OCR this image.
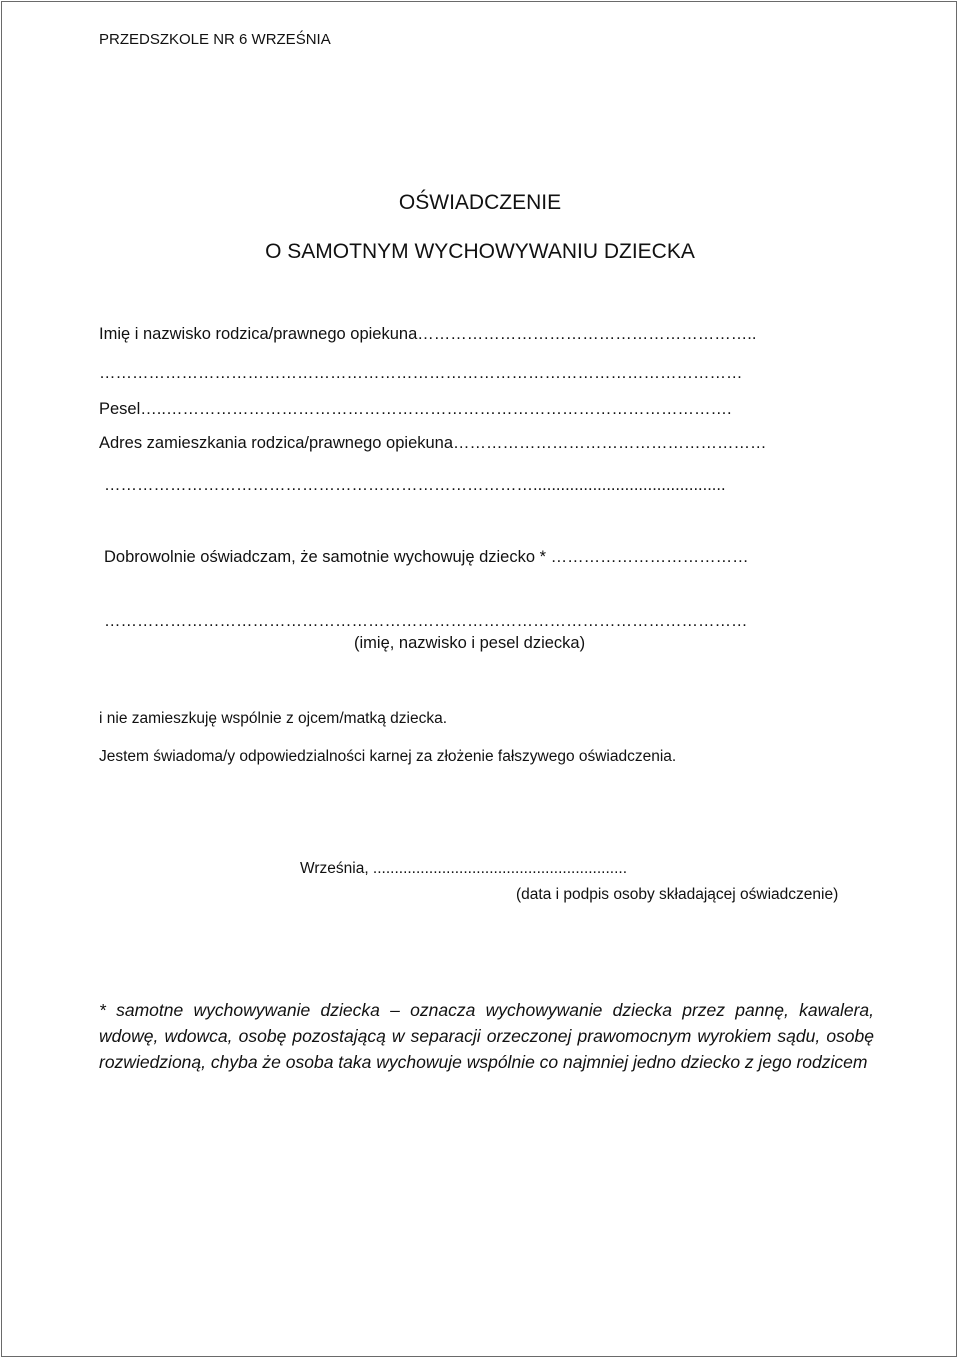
PRZEDSZKOLE NR 6 WRZEŚNIA
OŚWIADCZENIE
O SAMOTNYM WYCHOWYWANIU DZIECKA
Imię i nazwisko rodzica/prawnego opiekuna……………………………………………………..
………………………………………………………………………………………………………
Pesel…..………………………………………………………………………………………….
Adres zamieszkania rodzica/prawnego opiekuna…………………………………………………
……………………………………………………………………..........................................
Dobrowolnie oświadczam, że samotnie wychowuję dziecko * ………………………………
………………………………………………………………………………………………………
(imię, nazwisko i pesel dziecka)
i nie zamieszkuję wspólnie z ojcem/matką dziecka.
Jestem świadoma/y odpowiedzialności karnej za złożenie fałszywego oświadczenia.
Września, ...........................................................
(data i podpis osoby składającej oświadczenie)
* samotne wychowywanie dziecka – oznacza wychowywanie dziecka przez pannę, kawalera, wdowę, wdowca, osobę pozostającą w separacji orzeczonej prawomocnym wyrokiem sądu, osobę rozwiedzioną, chyba że osoba taka wychowuje wspólnie co najmniej jedno dziecko z jego rodzicem
